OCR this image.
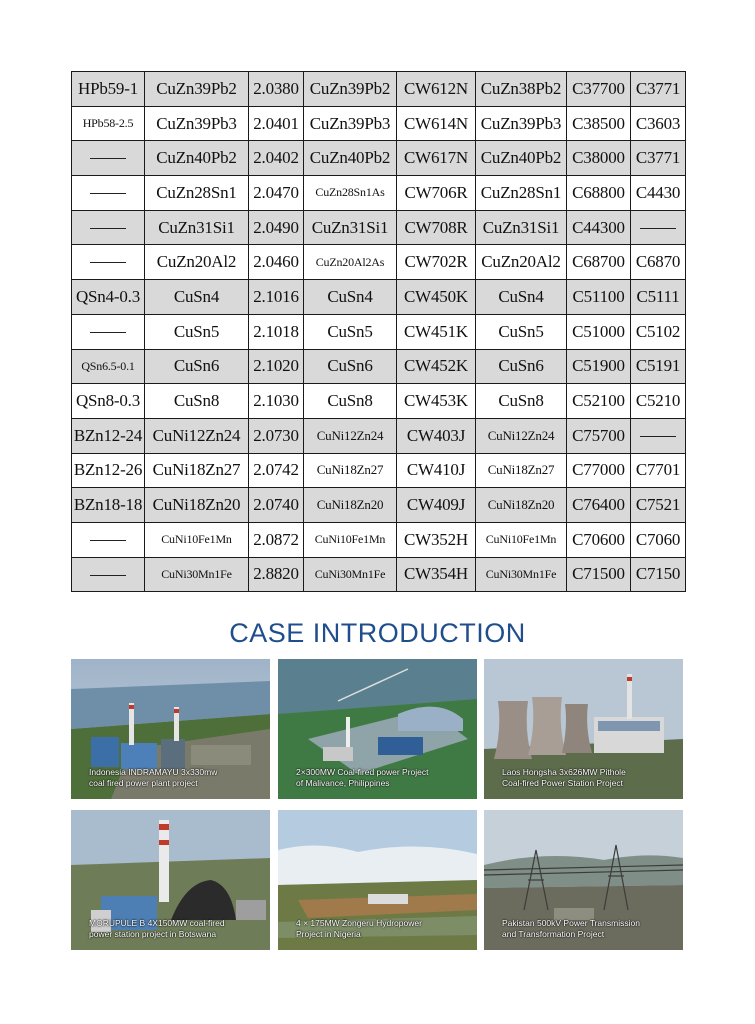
HPb59-1	CuZn39Pb2	2.0380	CuZn39Pb2	CW612N	CuZn38Pb2	C37700	C3771
HPb58-2.5	CuZn39Pb3	2.0401	CuZn39Pb3	CW614N	CuZn39Pb3	C38500	C3603
	CuZn40Pb2	2.0402	CuZn40Pb2	CW617N	CuZn40Pb2	C38000	C3771
	CuZn28Sn1	2.0470	CuZn28Sn1As	CW706R	CuZn28Sn1	C68800	C4430
	CuZn31Si1	2.0490	CuZn31Si1	CW708R	CuZn31Si1	C44300	
	CuZn20Al2	2.0460	CuZn20Al2As	CW702R	CuZn20Al2	C68700	C6870
QSn4-0.3	CuSn4	2.1016	CuSn4	CW450K	CuSn4	C51100	C5111
	CuSn5	2.1018	CuSn5	CW451K	CuSn5	C51000	C5102
QSn6.5-0.1	CuSn6	2.1020	CuSn6	CW452K	CuSn6	C51900	C5191
QSn8-0.3	CuSn8	2.1030	CuSn8	CW453K	CuSn8	C52100	C5210
BZn12-24	CuNi12Zn24	2.0730	CuNi12Zn24	CW403J	CuNi12Zn24	C75700	
BZn12-26	CuNi18Zn27	2.0742	CuNi18Zn27	CW410J	CuNi18Zn27	C77000	C7701
BZn18-18	CuNi18Zn20	2.0740	CuNi18Zn20	CW409J	CuNi18Zn20	C76400	C7521
	CuNi10Fe1Mn	2.0872	CuNi10Fe1Mn	CW352H	CuNi10Fe1Mn	C70600	C7060
	CuNi30Mn1Fe	2.8820	CuNi30Mn1Fe	CW354H	CuNi30Mn1Fe	C71500	C7150
CASE INTRODUCTION
Indonesia INDRAMAYU 3x330mw
coal fired power plant project
2×300MW Coal-fired power Project
of Malivance, Philippines
Laos Hongsha 3x626MW Pithole
Coal-fired Power Station Project
MORUPULE B 4X150MW coal-fired
power station project in Botswana
4 × 175MW Zongeru Hydropower
Project in Nigeria
Pakistan 500kV Power Transmission
and Transformation Project
